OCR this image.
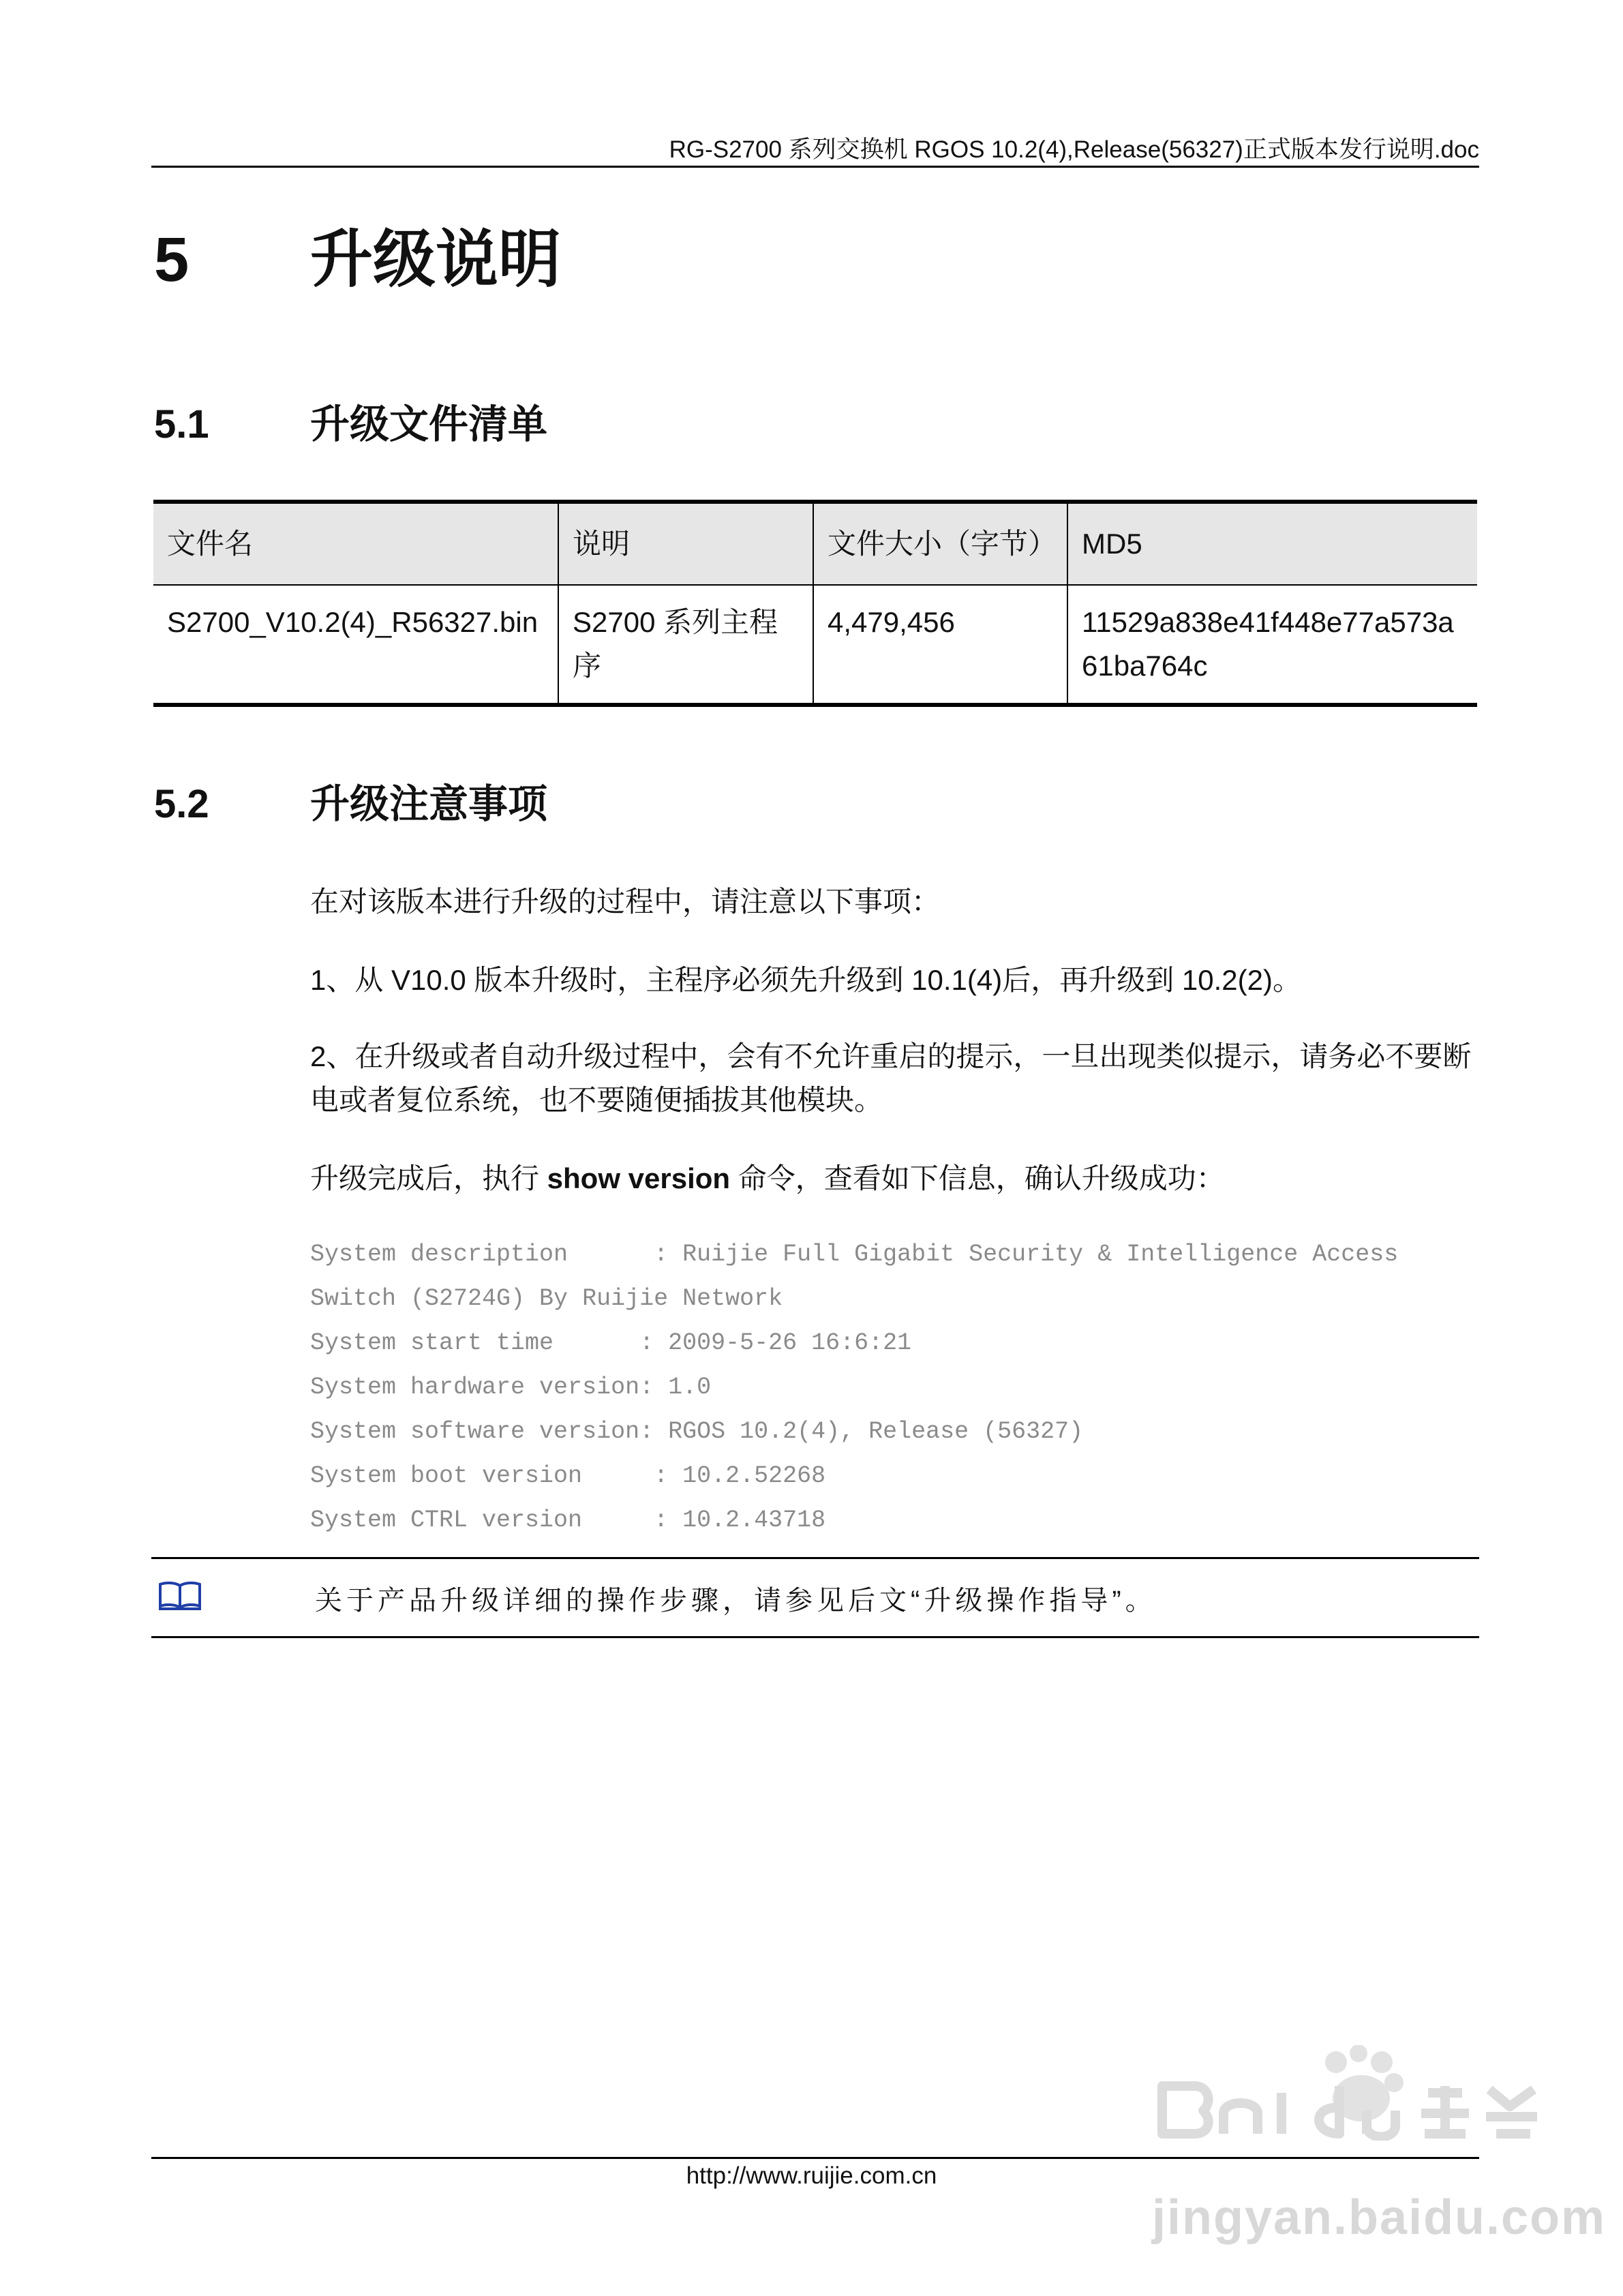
RG-S2700 系列交换机 RGOS 10.2(4),Release(56327)正式版本发行说明.doc
5 升级说明
5.1	升级文件清单
文件名	说明	文件大小（字节）	MD5
S2700_V10.2(4)_R56327.bin	S2700 系列主程序	4,479,456	11529a838e41f448e77a573a61ba764c
5.2	升级注意事项
在对该版本进行升级的过程中，请注意以下事项：
1、从 V10.0 版本升级时，主程序必须先升级到 10.1(4)后，再升级到 10.2(2)。
2、在升级或者自动升级过程中，会有不允许重启的提示，一旦出现类似提示，请务必不要断电或者复位系统，也不要随便插拔其他模块。
升级完成后，执行 show version 命令，查看如下信息，确认升级成功：
System description      : Ruijie Full Gigabit Security & Intelligence Access
Switch (S2724G) By Ruijie Network
System start time      : 2009-5-26 16:6:21
System hardware version: 1.0
System software version: RGOS 10.2(4), Release (56327)
System boot version     : 10.2.52268
System CTRL version     : 10.2.43718
关于产品升级详细的操作步骤，请参见后文“升级操作指导”。
jingyan.baidu.com
http://www.ruijie.com.cn
